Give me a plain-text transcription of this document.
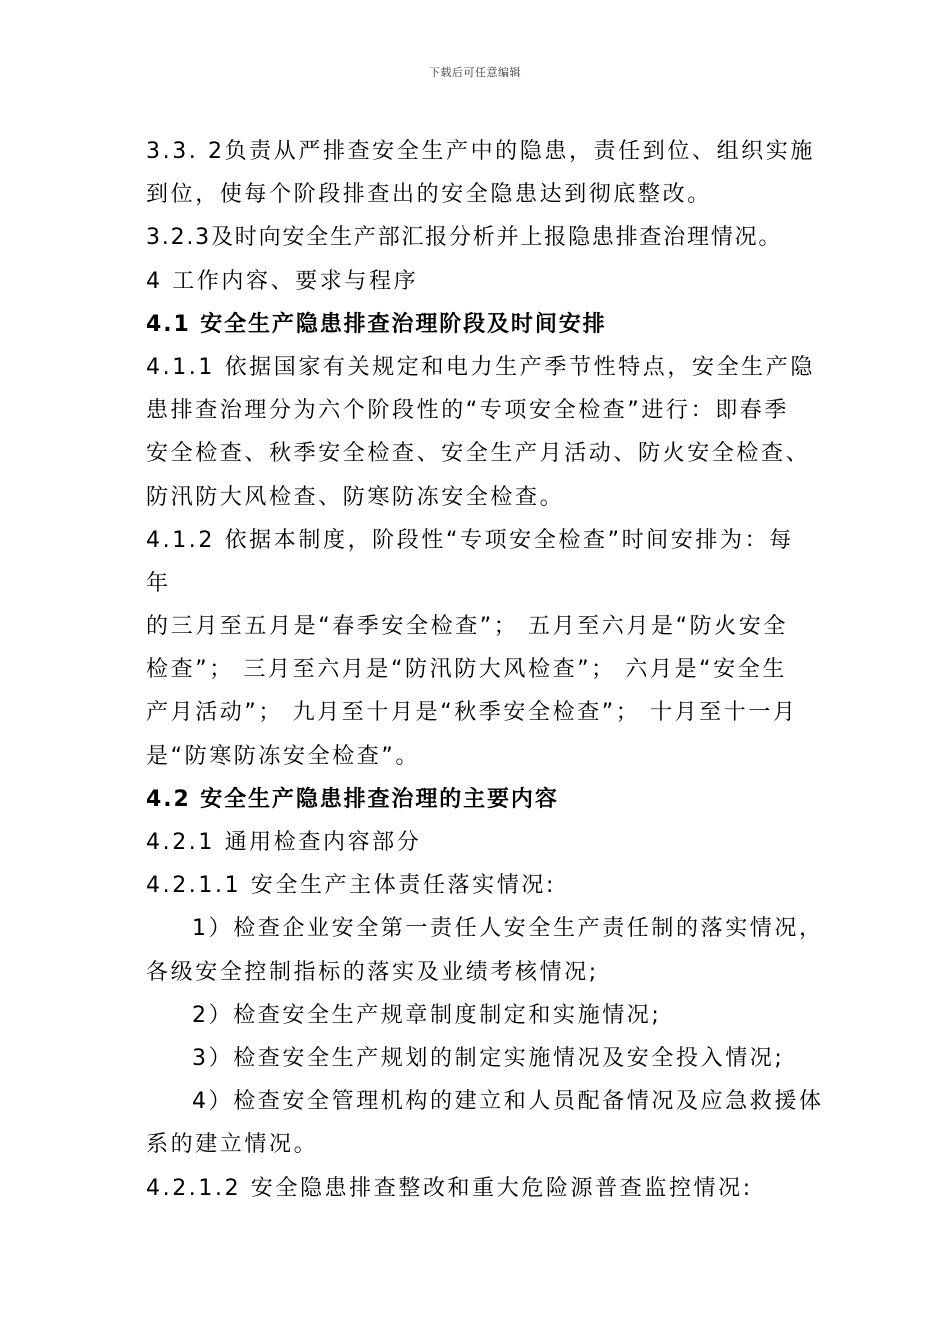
下载后可任意编辑
3.3. 2负责从严排查安全生产中的隐患，责任到位、组织实施
到位，使每个阶段排查出的安全隐患达到彻底整改。
3.2.3及时向安全生产部汇报分析并上报隐患排查治理情况。
4 工作内容、要求与程序
4.1 安全生产隐患排查治理阶段及时间安排
4.1.1 依据国家有关规定和电力生产季节性特点，安全生产隐
患排查治理分为六个阶段性的“专项安全检查”进行：即春季
安全检查、秋季安全检查、安全生产月活动、防火安全检查、
防汛防大风检查、防寒防冻安全检查。
4.1.2 依据本制度，阶段性“专项安全检查”时间安排为：每
年
的三月至五月是“春季安全检查”； 五月至六月是“防火安全
检查”； 三月至六月是“防汛防大风检查”； 六月是“安全生
产月活动”； 九月至十月是“秋季安全检查”； 十月至十一月
是“防寒防冻安全检查”。
4.2 安全生产隐患排查治理的主要内容
4.2.1 通用检查内容部分
4.2.1.1 安全生产主体责任落实情况:
1）检查企业安全第一责任人安全生产责任制的落实情况，
各级安全控制指标的落实及业绩考核情况;
2）检查安全生产规章制度制定和实施情况;
3）检查安全生产规划的制定实施情况及安全投入情况;
4）检查安全管理机构的建立和人员配备情况及应急救援体
系的建立情况。
4.2.1.2 安全隐患排查整改和重大危险源普查监控情况:
